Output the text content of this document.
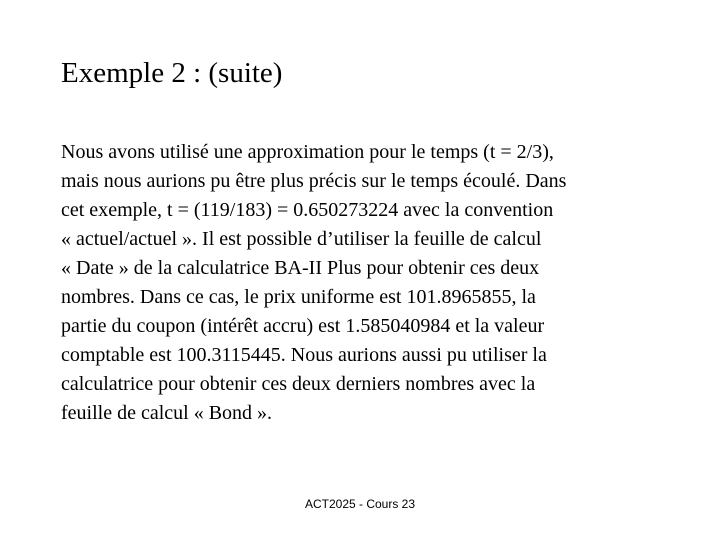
Exemple 2 : (suite)
Nous avons utilisé une approximation pour le temps (t = 2/3),
mais nous aurions pu être plus précis sur le temps écoulé. Dans
cet exemple, t = (119/183) = 0.650273224 avec la convention
« actuel/actuel ». Il est possible d’utiliser la feuille de calcul
« Date » de la calculatrice BA-II Plus pour obtenir ces deux
nombres. Dans ce cas, le prix uniforme est 101.8965855, la
partie du coupon (intérêt accru) est 1.585040984 et la valeur
comptable est 100.3115445. Nous aurions aussi pu utiliser la
calculatrice pour obtenir ces deux derniers nombres avec la
feuille de calcul « Bond ».
ACT2025 - Cours 23
